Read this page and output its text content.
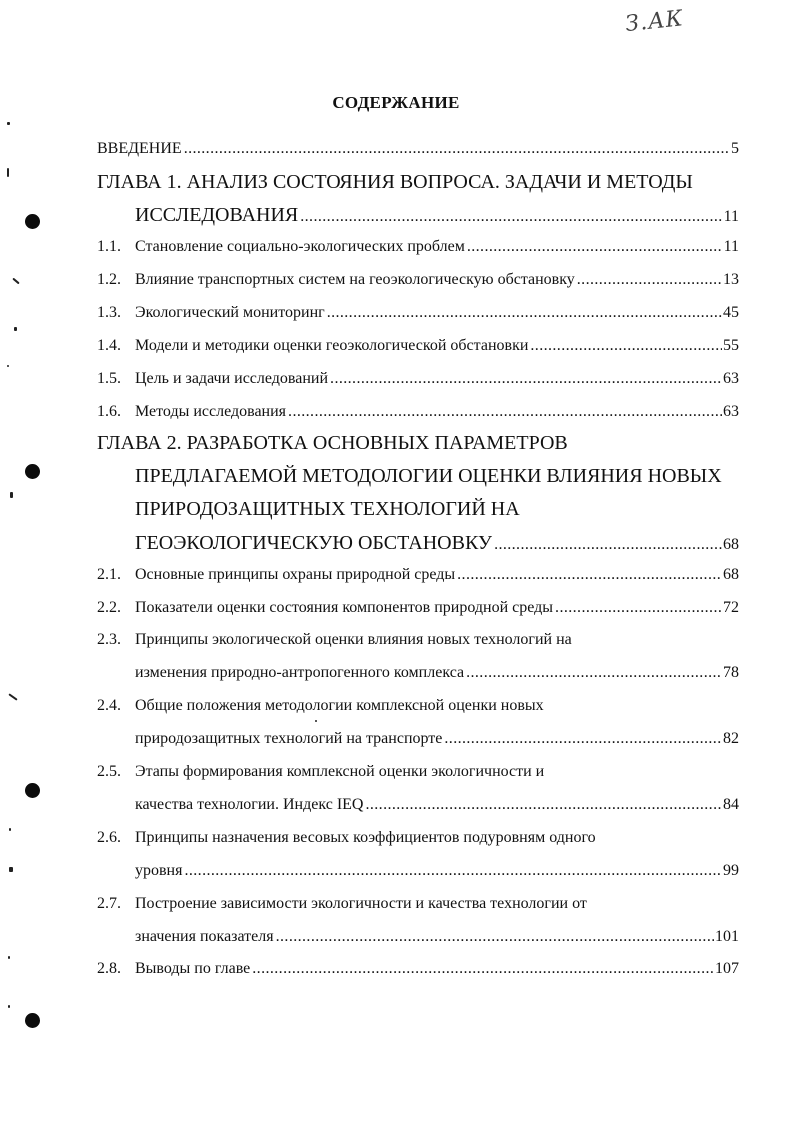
З.АК
СОДЕРЖАНИЕ
ВВЕДЕНИЕ .....	5
ГЛАВА 1. АНАЛИЗ СОСТОЯНИЯ ВОПРОСА. ЗАДАЧИ И МЕТОДЫ
ИССЛЕДОВАНИЯ .....	11
1.1. Становление социально-экологических проблем .....	11
1.2. Влияние транспортных систем на геоэкологическую обстановку .....	13
1.3. Экологический мониторинг .....	45
1.4. Модели и методики оценки геоэкологической обстановки .....	55
1.5. Цель и задачи исследований .....	63
1.6. Методы исследования .....	63
ГЛАВА 2. РАЗРАБОТКА ОСНОВНЫХ ПАРАМЕТРОВ
ПРЕДЛАГАЕМОЙ МЕТОДОЛОГИИ ОЦЕНКИ ВЛИЯНИЯ НОВЫХ
ПРИРОДОЗАЩИТНЫХ ТЕХНОЛОГИЙ НА
ГЕОЭКОЛОГИЧЕСКУЮ ОБСТАНОВКУ .....	68
2.1. Основные принципы охраны природной среды .....	68
2.2. Показатели оценки состояния компонентов природной среды .....	72
2.3. Принципы экологической оценки влияния новых технологий на
изменения природно-антропогенного комплекса .....	78
2.4. Общие положения методологии комплексной оценки новых
природозащитных технологий на транспорте .....	82
2.5. Этапы формирования комплексной оценки экологичности и
качества технологии. Индекс IEQ .....	84
2.6. Принципы назначения весовых коэффициентов подуровням одного
уровня .....	99
2.7. Построение зависимости экологичности и качества технологии от
значения показателя .....	101
2.8. Выводы по главе .....	107
